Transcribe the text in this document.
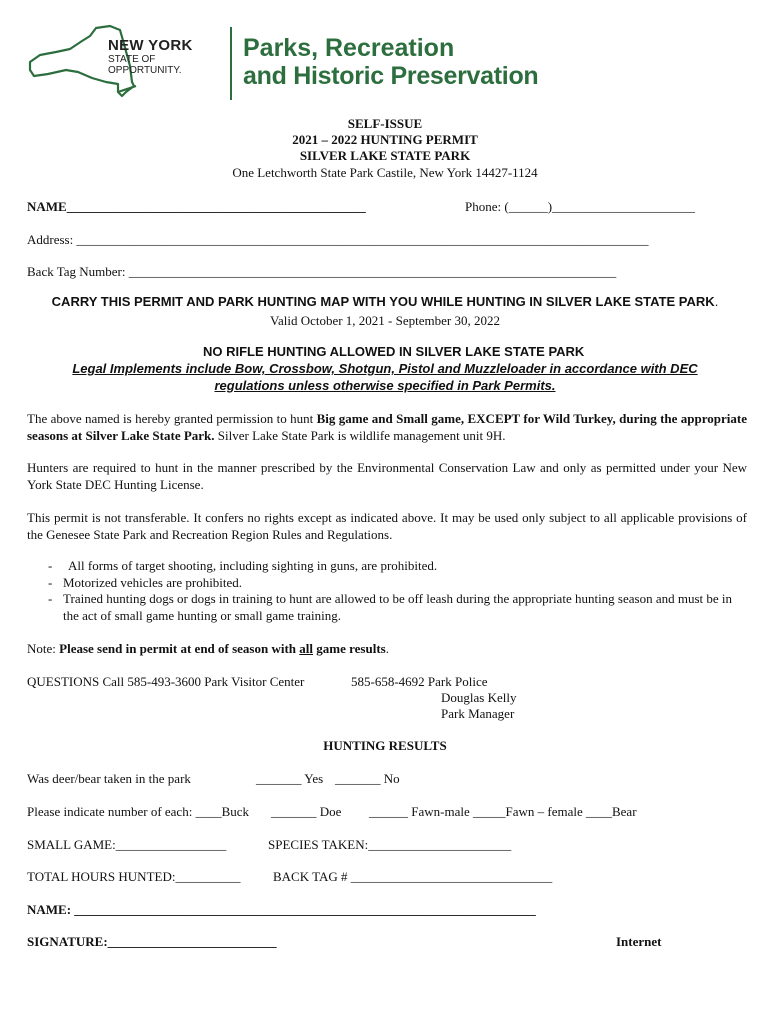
NEW YORK
STATE OF
OPPORTUNITY.
Parks, Recreation
and Historic Preservation
SELF-ISSUE
2021 – 2022 HUNTING PERMIT
SILVER LAKE STATE PARK
One Letchworth State Park Castile, New York 14427-1124
NAME______________________________________________	Phone: (______)______________________
Address: ________________________________________________________________________________________
Back Tag Number: ___________________________________________________________________________
CARRY THIS PERMIT AND PARK HUNTING MAP WITH YOU WHILE HUNTING IN SILVER LAKE STATE PARK.
Valid October 1, 2021 - September 30, 2022
NO RIFLE HUNTING ALLOWED IN SILVER LAKE STATE PARK
Legal Implements include Bow, Crossbow, Shotgun, Pistol and Muzzleloader in accordance with DEC
regulations unless otherwise specified in Park Permits.
The above named is hereby granted permission to hunt Big game and Small game, EXCEPT for Wild Turkey, during the appropriate seasons at Silver Lake State Park. Silver Lake State Park is wildlife management unit 9H.
Hunters are required to hunt in the manner prescribed by the Environmental Conservation Law and only as permitted under your New York State DEC Hunting License.
This permit is not transferable. It confers no rights except as indicated above. It may be used only subject to all applicable provisions of the Genesee State Park and Recreation Region Rules and Regulations.
- All forms of target shooting, including sighting in guns, are prohibited.
- Motorized vehicles are prohibited.
- Trained hunting dogs or dogs in training to hunt are allowed to be off leash during the appropriate hunting season and must be in the act of small game hunting or small game training.
Note: Please send in permit at end of season with all game results.
QUESTIONS Call 585-493-3600 Park Visitor Center	585-658-4692 Park Police
Douglas Kelly
Park Manager
HUNTING RESULTS
Was deer/bear taken in the park	_______ Yes _______ No
Please indicate number of each: ____Buck _______ Doe ______ Fawn-male _____Fawn – female ____Bear
SMALL GAME:_________________	SPECIES TAKEN:______________________
TOTAL HOURS HUNTED:__________	BACK TAG # _______________________________
NAME: _______________________________________________________________________
SIGNATURE:__________________________	Internet
